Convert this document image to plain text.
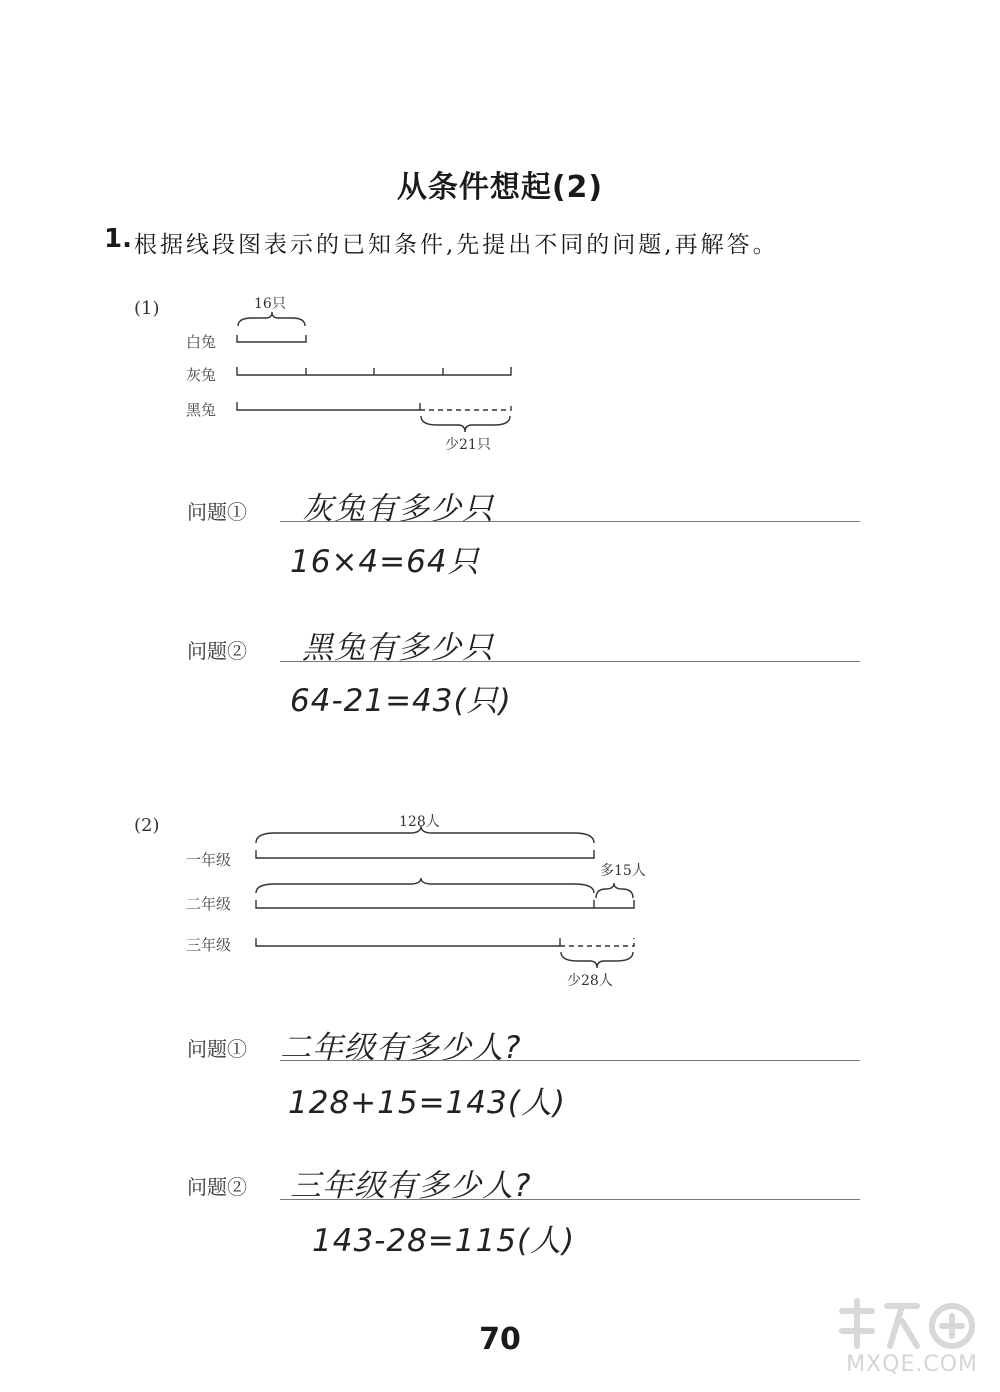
从条件想起(2)
1. 根据线段图表示的已知条件,先提出不同的问题,再解答。
(1)	16只
白兔
灰兔
黑兔
少21只
问题① 灰兔有多少只
16×4=64只
问题② 黑兔有多少只
64-21=43(只)
(2)	128人
一年级
多15人
二年级
三年级
少28人
问题① 二年级有多少人?
128+15=143(人)
问题② 三年级有多少人?
143-28=115(人)
70
MXQE.COM
